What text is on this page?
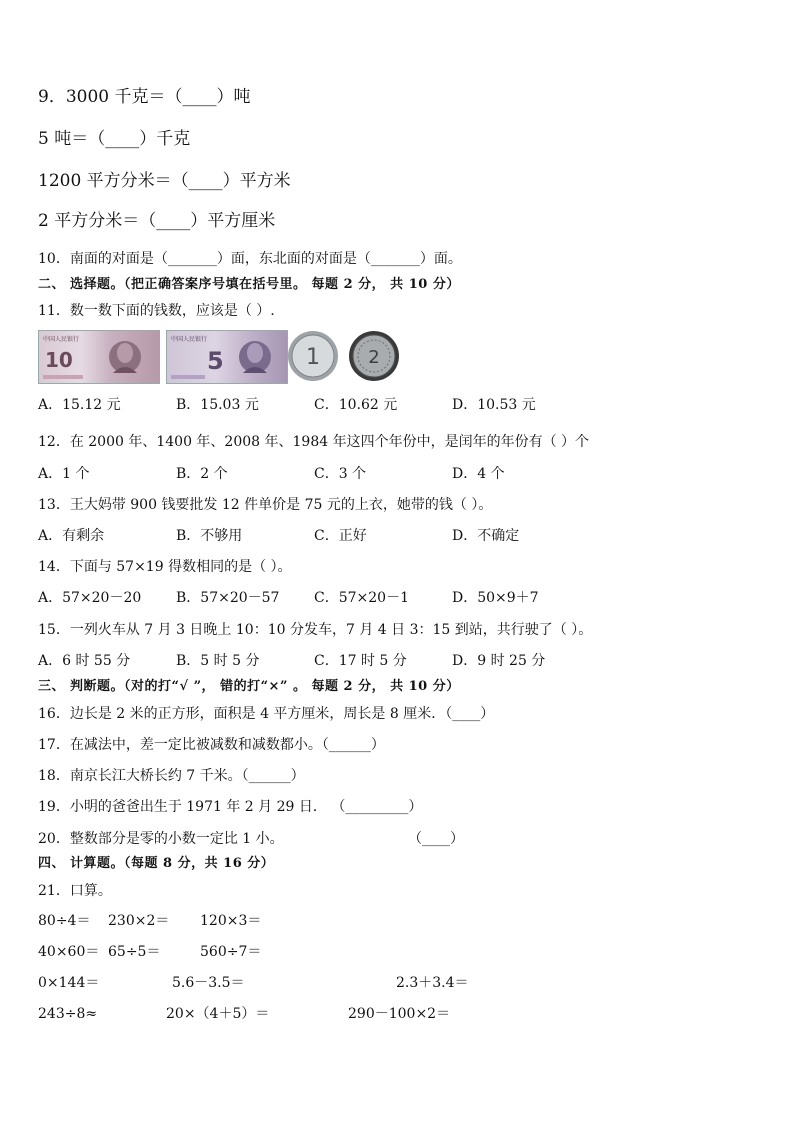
9．3000 千克＝（____）吨
5 吨＝（____）千克
1200 平方分米＝（____）平方米
2 平方分米＝（____）平方厘米
10．南面的对面是（_______）面，东北面的对面是（_______）面。
二、 选择题。（把正确答案序号填在括号里。 每题 2 分， 共 10 分）
11．数一数下面的钱数，应该是（ ）.
中国人民银行
10
中国人民银行
5	1	2
A．15.12 元	B．15.03 元	C．10.62 元	D．10.53 元
12．在 2000 年、1400 年、2008 年、1984 年这四个年份中，是闰年的年份有（ ）个
A．1 个	B．2 个	C．3 个	D．4 个
13．王大妈带 900 钱要批发 12 件单价是 75 元的上衣，她带的钱（ ）。
A．有剩余	B．不够用	C．正好	D．不确定
14．下面与 57×19 得数相同的是（ ）。
A．57×20－20 B．57×20－57 C．57×20－1	D．50×9＋7
15．一列火车从 7 月 3 日晚上 10：10 分发车，7 月 4 日 3：15 到站，共行驶了（ ）。
A．6 时 55 分	B．5 时 5 分	C．17 时 5 分	D．9 时 25 分
三、 判断题。（对的打“√ ”， 错的打“×” 。 每题 2 分， 共 10 分）
16．边长是 2 米的正方形，面积是 4 平方厘米，周长是 8 厘米．（____）
17．在减法中，差一定比被减数和减数都小。（______）
18．南京长江大桥长约 7 千米。（______）
19．小明的爸爸出生于 1971 年 2 月 29 日． （_________）
20．整数部分是零的小数一定比 1 小。	（____）
四、 计算题。（每题 8 分，共 16 分）
21．口算。
80÷4＝ 230×2＝ 120×3＝
40×60＝ 65÷5＝	560÷7＝
0×144＝	5.6－3.5＝	2.3＋3.4＝
243÷8≈	20×（4＋5）＝	290－100×2＝
